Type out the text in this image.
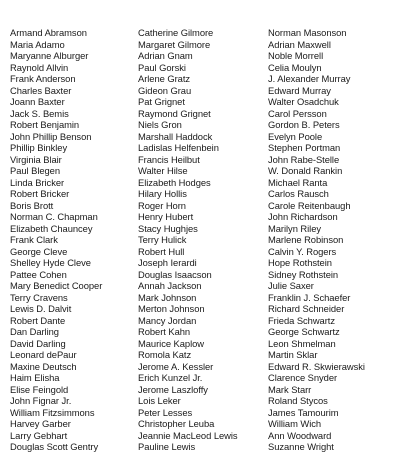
Armand Abramson
Maria Adamo
Maryanne Alburger
Raynold Allvin
Frank Anderson
Charles Baxter
Joann Baxter
Jack S. Bemis
Robert Benjamin
John Phillip Benson
Phillip Binkley
Virginia Blair
Paul Blegen
Linda Bricker
Robert Bricker
Boris Brott
Norman C. Chapman
Elizabeth Chauncey
Frank Clark
George Cleve
Shelley Hyde Cleve
Pattee Cohen
Mary Benedict Cooper
Terry Cravens
Lewis D. Dalvit
Robert Dante
Dan Darling
David Darling
Leonard dePaur
Maxine Deutsch
Haim Elisha
Elise Feingold
John Fignar Jr.
William Fitzsimmons
Harvey Garber
Larry Gebhart
Douglas Scott Gentry
Catherine Gilmore
Margaret Gilmore
Adrian Gnam
Paul Gorski
Arlene Gratz
Gideon Grau
Pat Grignet
Raymond Grignet
Niels Gron
Marshall Haddock
Ladislas Helfenbein
Francis Heilbut
Walter Hilse
Elizabeth Hodges
Hilary Hollis
Roger Horn
Henry Hubert
Stacy Hughjes
Terry Hulick
Robert Hull
Joseph Ierardi
Douglas Isaacson
Annah Jackson
Mark Johnson
Merton Johnson
Mancy Jordan
Robert Kahn
Maurice Kaplow
Romola Katz
Jerome A. Kessler
Erich Kunzel Jr.
Jerome Laszloffy
Lois Leker
Peter Lesses
Christopher Leuba
Jeannie MacLeod Lewis
Pauline Lewis
Norman Masonson
Adrian Maxwell
Noble Morrell
Celia Moulyn
J. Alexander Murray
Edward Murray
Walter Osadchuk
Carol Persson
Gordon B. Peters
Evelyn Poole
Stephen Portman
John Rabe-Stelle
W. Donald Rankin
Michael Ranta
Carlos Rausch
Carole Reitenbaugh
John Richardson
Marilyn Riley
Marlene Robinson
Calvin Y. Rogers
Hope Rothstein
Sidney Rothstein
Julie Saxer
Franklin J. Schaefer
Richard Schneider
Frieda Schwartz
George Schwartz
Leon Shmelman
Martin Sklar
Edward R. Skwierawski
Clarence Snyder
Mark Starr
Roland Stycos
James Tamourim
William Wich
Ann Woodward
Suzanne Wright
